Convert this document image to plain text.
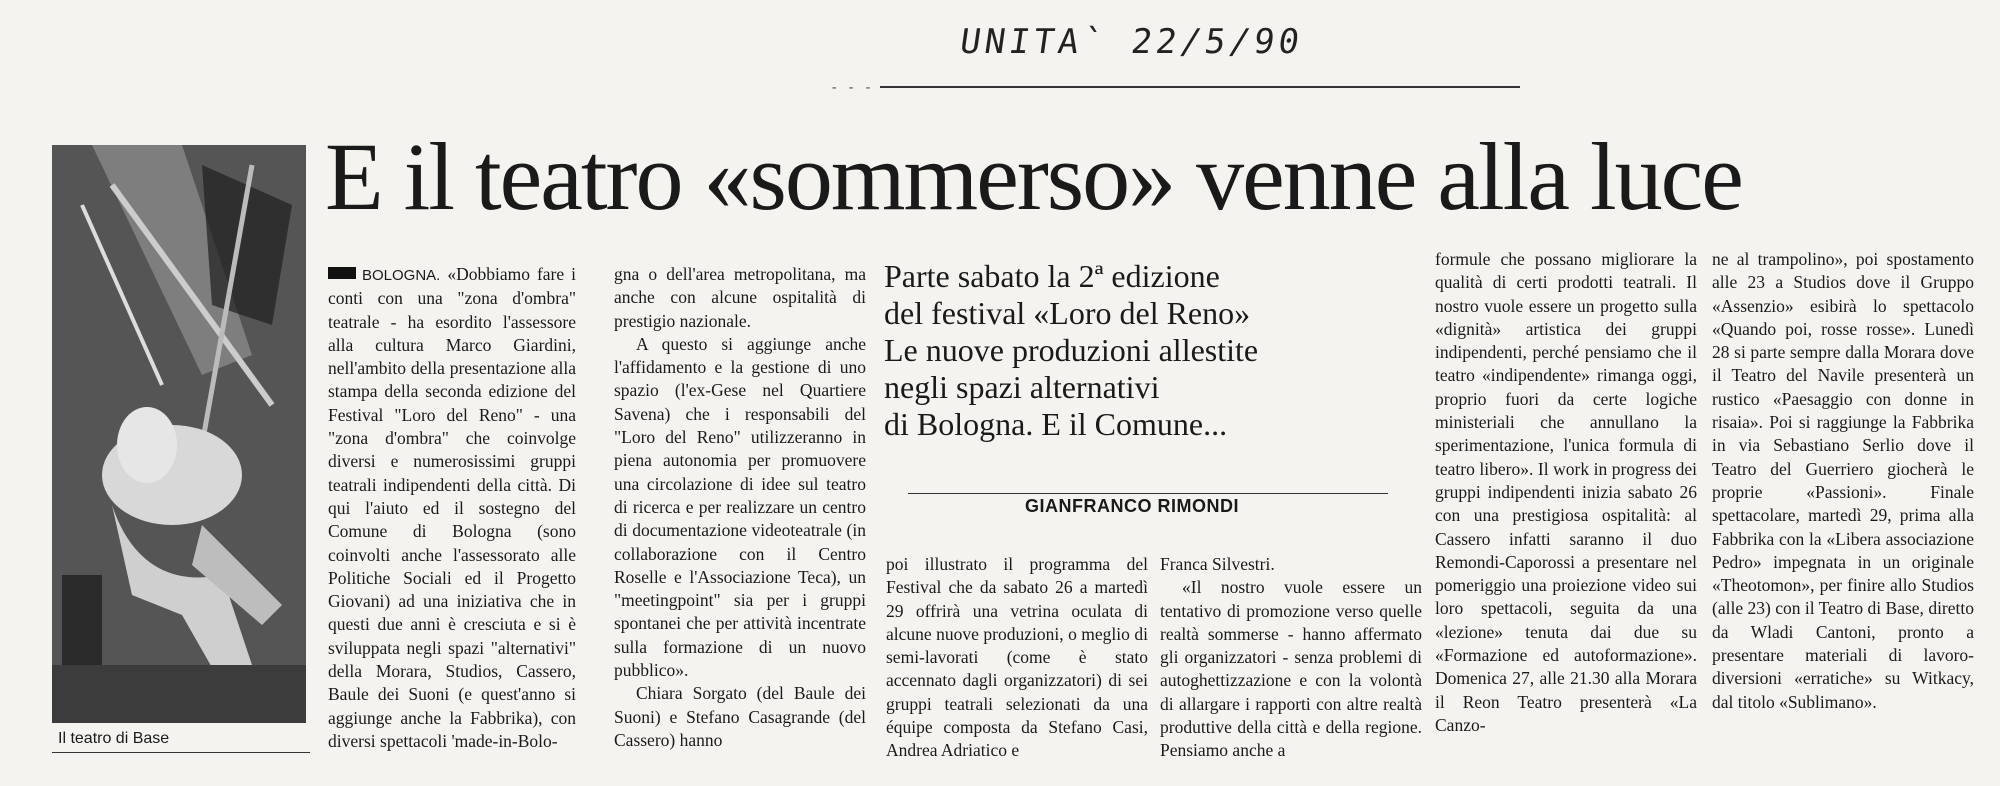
UNITA` 22/5/90
- - -
E il teatro «sommerso» venne alla luce
Il teatro di Base

BOLOGNA. «Dobbiamo fare i conti con una "zona d'ombra" teatrale - ha esordito l'assessore alla cultura Marco Giardini, nell'ambito della presentazione alla stampa della seconda edizione del Festival "Loro del Reno" - una "zona d'ombra" che coinvolge diversi e numerosissimi gruppi teatrali indipendenti della città. Di qui l'aiuto ed il sostegno del Comune di Bologna (sono coinvolti anche l'assessorato alle Politiche Sociali ed il Progetto Giovani) ad una iniziativa che in questi due anni è cresciuta e si è sviluppata negli spazi "alternativi" della Morara, Studios, Cassero, Baule dei Suoni (e quest'anno si aggiunge anche la Fabbrika), con diversi spettacoli 'made-in-Bolo-

gna o dell'area metropolitana, ma anche con alcune ospitalità di prestigio nazionale.

A questo si aggiunge anche l'affidamento e la gestione di uno spazio (l'ex-Gese nel Quartiere Savena) che i responsabili del "Loro del Reno" utilizzeranno in piena autonomia per promuovere una circolazione di idee sul teatro di ricerca e per realizzare un centro di documentazione videoteatrale (in collaborazione con il Centro Roselle e l'Associazione Teca), un "meetingpoint" sia per i gruppi spontanei che per attività incentrate sulla formazione di un nuovo pubblico».

Chiara Sorgato (del Baule dei Suoni) e Stefano Casagrande (del Cassero) hanno

Parte sabato la 2ª edizione
del festival «Loro del Reno»
Le nuove produzioni allestite
negli spazi alternativi
di Bologna. E il Comune...
GIANFRANCO RIMONDI

poi illustrato il programma del Festival che da sabato 26 a martedì 29 offrirà una vetrina oculata di alcune nuove produzioni, o meglio di semi-lavorati (come è stato accennato dagli organizzatori) di sei gruppi teatrali selezionati da una équipe composta da Stefano Casi, Andrea Adriatico e

Franca Silvestri.

«Il nostro vuole essere un tentativo di promozione verso quelle realtà sommerse - hanno affermato gli organizzatori - senza problemi di autoghettizzazione e con la volontà di allargare i rapporti con altre realtà produttive della città e della regione. Pensiamo anche a

formule che possano migliorare la qualità di certi prodotti teatrali. Il nostro vuole essere un progetto sulla «dignità» artistica dei gruppi indipendenti, perché pensiamo che il teatro «indipendente» rimanga oggi, proprio fuori da certe logiche ministeriali che annullano la sperimentazione, l'unica formula di teatro libero». Il work in progress dei gruppi indipendenti inizia sabato 26 con una prestigiosa ospitalità: al Cassero infatti saranno il duo Remondi-Caporossi a presentare nel pomeriggio una proiezione video sui loro spettacoli, seguita da una «lezione» tenuta dai due su «Formazione ed autoformazione». Domenica 27, alle 21.30 alla Morara il Reon Teatro presenterà «La Canzo-

ne al trampolino», poi spostamento alle 23 a Studios dove il Gruppo «Assenzio» esibirà lo spettacolo «Quando poi, rosse rosse». Lunedì 28 si parte sempre dalla Morara dove il Teatro del Navile presenterà un rustico «Paesaggio con donne in risaia». Poi si raggiunge la Fabbrika in via Sebastiano Serlio dove il Teatro del Guerriero giocherà le proprie «Passioni». Finale spettacolare, martedì 29, prima alla Fabbrika con la «Libera associazione Pedro» impegnata in un originale «Theotomon», per finire allo Studios (alle 23) con il Teatro di Base, diretto da Wladi Cantoni, pronto a presentare materiali di lavoro-diversioni «erratiche» su Witkacy, dal titolo «Sublimano».
